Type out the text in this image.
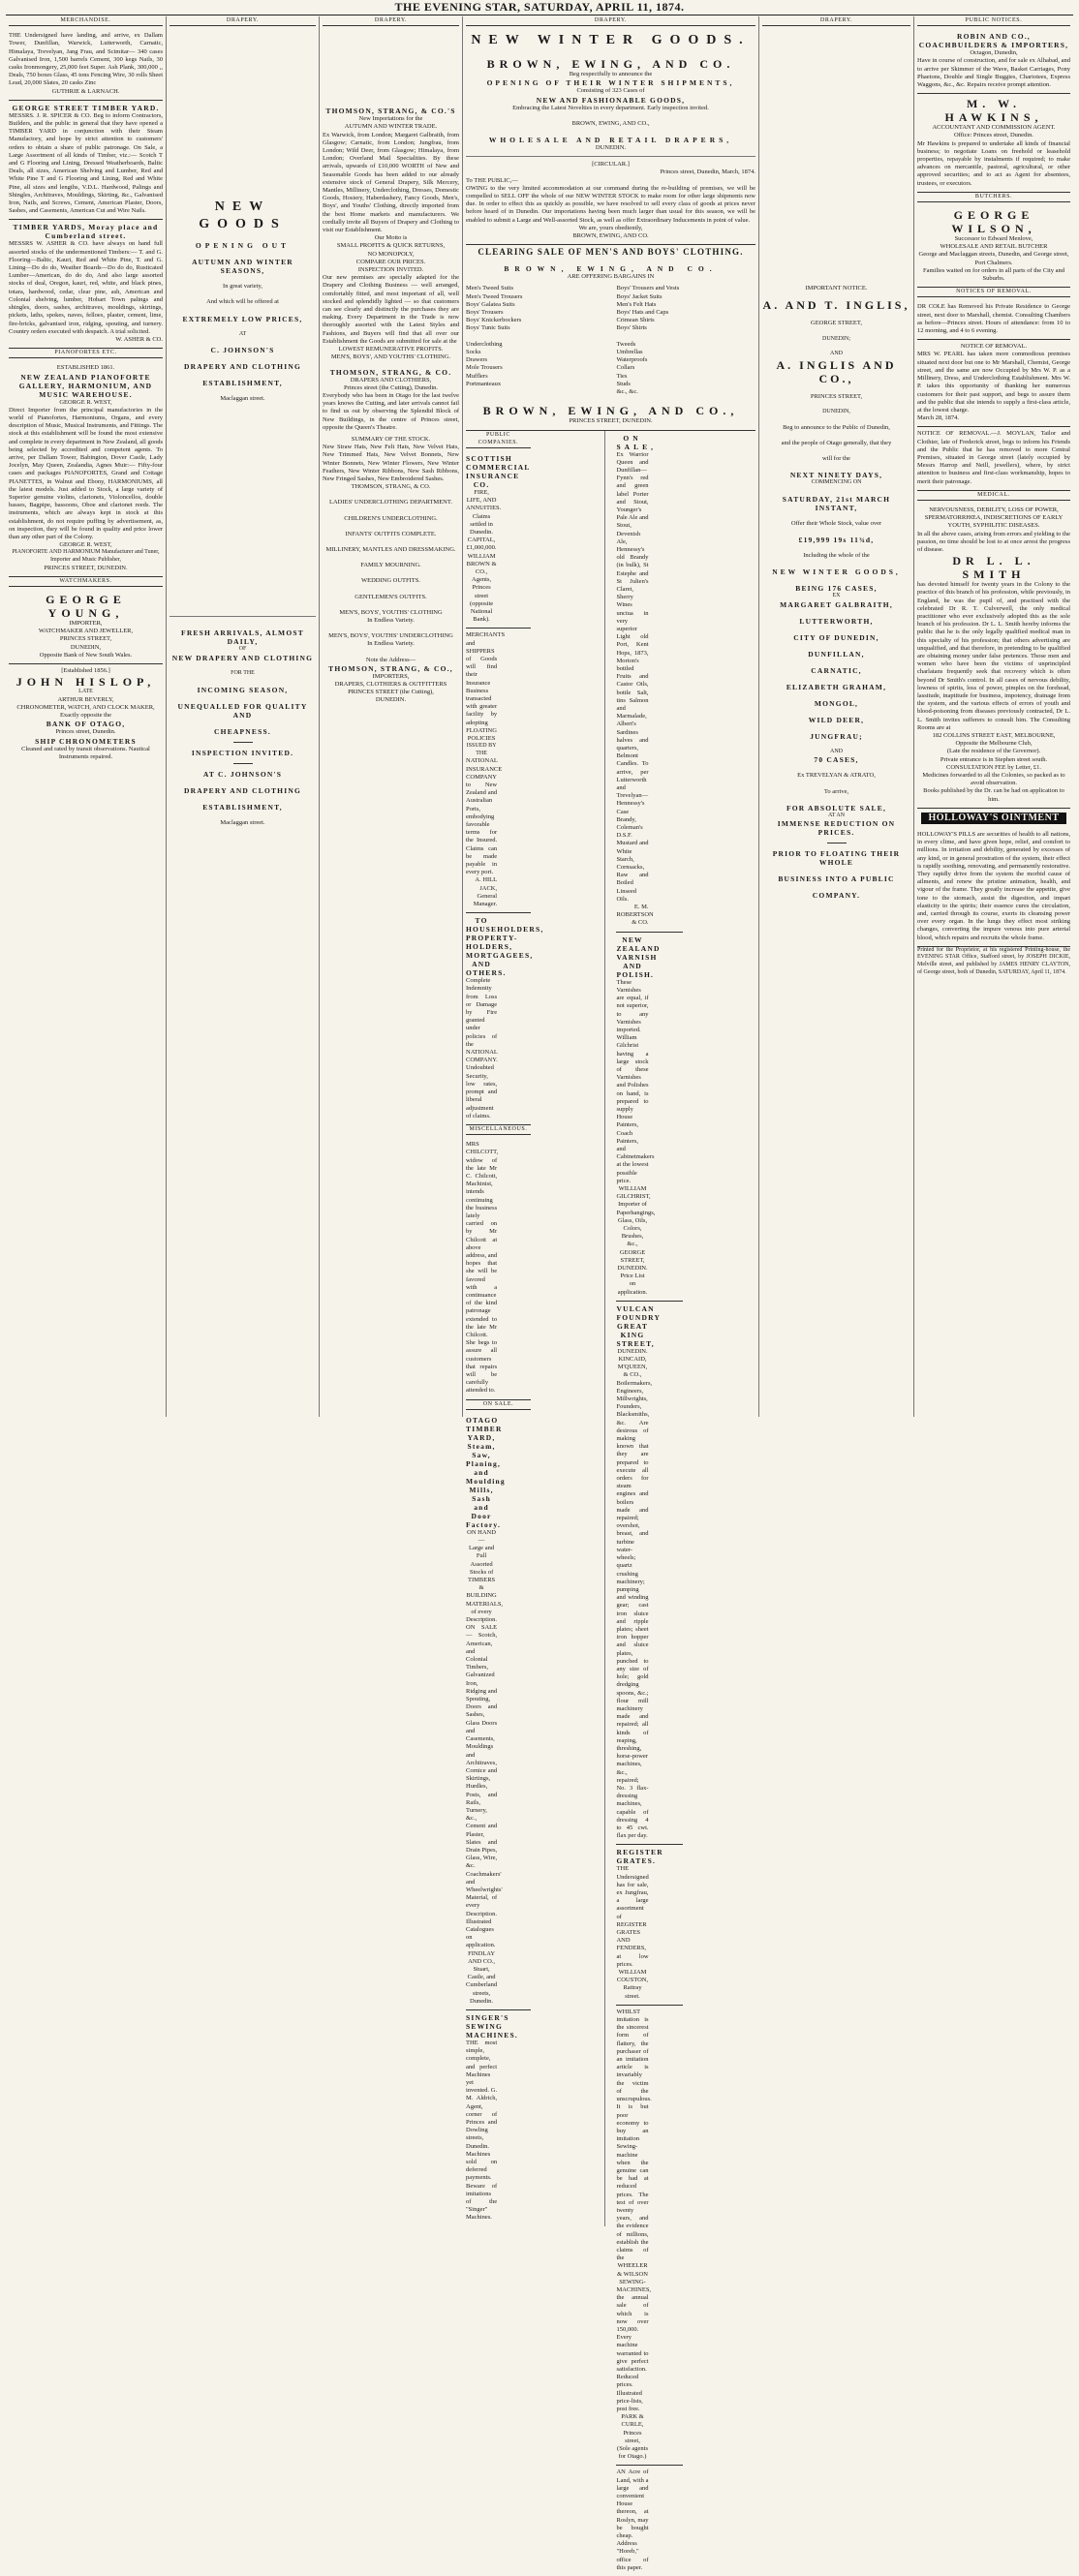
THE EVENING STAR, SATURDAY, APRIL 11, 1874.
MERCHANDISE.
THE Undersigned have landing, and arrive, ex Dallam Tower, Dunfillan, Warwick, Lutterworth, Carnatic, Himalaya, Trevelyan, Jang Frau, and Scimitar— 340 cases Galvanised Iron, 1,500 barrels Cement, 300 kegs Nails, 30 casks Ironmongery, 25,000 feet Super. Ash Plank, 300,000 ,, Deals, 750 boxes Glass, 45 tons Fencing Wire, 30 rolls Sheet Lead, 20,000 Slates, 20 casks Zinc
GUTHRIE & LARNACH.
GEORGE STREET TIMBER YARD.
MESSRS. J. R. SPICER & CO. Beg to inform Contractors, Builders, and the public in general that they have opened a TIMBER YARD in conjunction with their Steam Manufactory, and hope by strict attention to customers' orders to obtain a share of public patronage. On Sale, a Large Assortment of all kinds of Timber, viz.:— Scotch T and G Flooring and Lining, Dressed Weatherboards, Baltic Deals, all sizes, American Shelving and Lumber, Red and White Pine T and G Flooring and Lining, Red and White Pine, all sizes and lengths, V.D.L. Hardwood, Palings and Shingles, Architraves, Mouldings, Skirting, &c., Galvanised Iron, Nails, and Screws, Cement, American Plaster, Doors, Sashes, and Casements, American Cut and Wire Nails.
TIMBER YARDS, Moray place and Cumberland street.
MESSRS W. ASHER & CO. have always on hand full assorted stocks of the undermentioned Timbers:— T. and G. Flooring—Baltic, Kauri, Red and White Pine, T. and G. Lining—Do do do, Weather Boards—Do do do, Rusticated Lumber—American, do do do, And also large assorted stocks of deal, Oregon, kauri, red, white, and black pines, totara, hardwood, cedar, clear pine, ash, American and Colonial shelving, lumber, Hobart Town palings and shingles, doors, sashes, architraves, mouldings, skirtings, pickets, laths, spokes, naves, felloes, plaster, cement, lime, fire-bricks, galvanised iron, ridging, spouting, and turnery. Country orders executed with despatch. A trial solicited.
W. ASHER & CO.
PIANOFORTES ETC.
ESTABLISHED 1861.
NEW ZEALAND PIANOFORTE GALLERY, HARMONIUM, AND MUSIC WAREHOUSE.
GEORGE R. WEST,
Direct Importer from the principal manufactories in the world of Pianofortes, Harmoniums, Organs, and every description of Music, Musical Instruments, and Fittings. The stock at this establishment will be found the most extensive and complete in every department in New Zealand, all goods being selected by accredited and competent agents. To arrive, per Dallam Tower, Babington, Dover Castle, Lady Jocelyn, May Queen, Zealandia, Agnes Muir:— Fifty-four cases and packages PIANOFORTES, Grand and Cottage PIANETTES, in Walnut and Ebony, HARMONIUMS, all the latest models. Just added to Stock, a large variety of Superior genuine violins, clarionets, Violoncellos, double basses, Bagpipe, bassoons, Oboe and clarionet reeds. The instruments, which are always kept in stock at this establishment, do not require puffing by advertisement, as, on inspection, they will be found in quality and price lower than any other part of the Colony.
GEORGE R. WEST,
PIANOFORTE AND HARMONIUM Manufacturer and Tuner, Importer and Music Publisher,
PRINCES STREET, DUNEDIN.
WATCHMAKERS.
GEORGE YOUNG,
IMPORTER,
WATCHMAKER AND JEWELLER,
PRINCES STREET,
DUNEDIN,
Opposite Bank of New South Wales.
[Established 1856.]
JOHN HISLOP,
LATE
ARTHUR BEVERLY,
CHRONOMETER, WATCH, AND CLOCK MAKER,
Exactly opposite the
BANK OF OTAGO,
Princes street, Dunedin.
SHIP CHRONOMETERS
Cleaned and rated by transit observations. Nautical Instruments repaired.
DRAPERY.
NEW GOODS
OPENING OUT
AUTUMN AND WINTER SEASONS,
In great variety,
And which will be offered at
EXTREMELY LOW PRICES,
AT
C. JOHNSON'S
DRAPERY AND CLOTHING
ESTABLISHMENT,
Maclaggan street.
FRESH ARRIVALS, ALMOST DAILY,
OF
NEW DRAPERY AND CLOTHING
FOR THE
INCOMING SEASON,
UNEQUALLED FOR QUALITY AND
CHEAPNESS.
INSPECTION INVITED.
AT C. JOHNSON'S
DRAPERY AND CLOTHING
ESTABLISHMENT,
Maclaggan street.
DRAPERY.
THOMSON, STRANG, & CO.'S
New Importations for the
AUTUMN AND WINTER TRADE.
Ex Warwick, from London; Margaret Galbraith, from Glasgow; Carnatic, from London; Jungfrau, from London; Wild Deer, from Glasgow; Himalaya, from London; Overland Mail Specialities. By these arrivals, upwards of £10,000 WORTH of New and Seasonable Goods has been added to our already extensive stock of General Drapery, Silk Mercery, Mantles, Millinery, Underclothing, Dresses, Domestic Goods, Hosiery, Haberdashery, Fancy Goods, Men's, Boys', and Youths' Clothing, directly imported from the best Home markets and manufacturers. We cordially invite all Buyers of Drapery and Clothing to visit our Establishment.
Our Motto is
SMALL PROFITS & QUICK RETURNS,
NO MONOPOLY,
COMPARE OUR PRICES.
INSPECTION INVITED.
Our new premises are specially adapted for the Drapery and Clothing Business — well arranged, comfortably fitted, and most important of all, well stocked and splendidly lighted — so that customers can see clearly and distinctly the purchases they are making. Every Department in the Trade is now thoroughly assorted with the Latest Styles and Fashions, and Buyers will find that all over our Establishment the Goods are submitted for sale at the
LOWEST REMUNERATIVE PROFITS.
MEN'S, BOYS', AND YOUTHS' CLOTHING.
THOMSON, STRANG, & CO.
DRAPERS AND CLOTHIERS,
Princes street (the Cutting), Dunedin.
Everybody who has been in Otago for the last twelve years knows the Cutting, and later arrivals cannot fail to find us out by observing the Splendid Block of New Buildings, in the centre of Princes street, opposite the Queen's Theatre.
SUMMARY OF THE STOCK.
New Straw Hats, New Felt Hats, New Velvet Hats, New Trimmed Hats, New Velvet Bonnets, New Winter Bonnets, New Winter Flowers, New Winter Feathers, New Winter Ribbons, New Sash Ribbons, New Fringed Sashes, New Embroidered Sashes.
THOMSON, STRANG, & CO.
LADIES' UNDERCLOTHING DEPARTMENT.
CHILDREN'S UNDERCLOTHING.
INFANTS' OUTFITS COMPLETE.
MILLINERY, MANTLES AND DRESSMAKING.
FAMILY MOURNING.
WEDDING OUTFITS.
GENTLEMEN'S OUTFITS.
MEN'S, BOYS', YOUTHS' CLOTHING
In Endless Variety.
MEN'S, BOYS', YOUTHS' UNDERCLOTHING
In Endless Variety.
Note the Address—
THOMSON, STRANG, & CO.,
IMPORTERS,
DRAPERS, CLOTHIERS & OUTFITTERS
PRINCES STREET (the Cutting),
DUNEDIN.
DRAPERY.
NEW WINTER GOODS.
BROWN, EWING, AND CO.
Beg respectfully to announce the
OPENING OF THEIR WINTER SHIPMENTS,
Consisting of 323 Cases of
NEW AND FASHIONABLE GOODS,
Embracing the Latest Novelties in every department. Early inspection invited.
BROWN, EWING, AND CO.,
WHOLESALE AND RETAIL DRAPERS,
DUNEDIN.
[CIRCULAR.]
Princes street, Dunedin, March, 1874.
To THE PUBLIC,—
OWING to the very limited accommodation at our command during the re-building of premises, we will be compelled to SELL OFF the whole of our NEW WINTER STOCK to make room for other large shipments now due. In order to effect this as quickly as possible, we have resolved to sell every class of goods at prices never before heard of in Dunedin. Our importations having been much larger than usual for this season, we will be enabled to submit a Large and Well-assorted Stock, as well as offer Extraordinary Inducements in point of value.
We are, yours obediently,
BROWN, EWING, AND CO.
CLEARING SALE OF MEN'S AND BOYS' CLOTHING.
BROWN, EWING, AND CO.
ARE OFFERING BARGAINS IN
Men's Tweed Suits
Men's Tweed Trousers
Boys' Galatea Suits
Boys' Trousers
Boys' Knickerbockers
Boys' Tunic Suits

Underclothing
Socks
Drawers
Mole Trousers
Mufflers
Portmanteaux
Boys' Trousers and Vests
Boys' Jacket Suits
Men's Felt Hats
Boys' Hats and Caps
Crimean Shirts
Boys' Shirts

Tweeds
Umbrellas
Waterproofs
Collars
Ties
Studs
&c., &c.
BROWN, EWING, AND CO.,
PRINCES STREET, DUNEDIN.
PUBLIC COMPANIES.
SCOTTISH COMMERCIAL INSURANCE CO.
FIRE, LIFE, AND ANNUITIES.
Claims settled in Dunedin.
CAPITAL, £1,000,000.
WILLIAM BROWN & CO., Agents,
Princes street (opposite National Bank).
MERCHANTS and SHIPPERS of Goods will find their Insurance Business transacted with greater facility by adopting
FLOATING POLICIES
ISSUED BY THE
NATIONAL INSURANCE COMPANY
to New Zealand and Australian Ports, embodying favorable terms for the Insured. Claims can be made payable in every port.
A. HILL JACK,
General Manager.
TO HOUSEHOLDERS, PROPERTY-HOLDERS, MORTGAGEES, AND OTHERS.
Complete Indemnity from Loss or Damage by Fire granted under policies of the
NATIONAL COMPANY.
Undoubted Security, low rates, prompt and liberal adjustment of claims.
MISCELLANEOUS.
MRS CHILCOTT, widow of the late Mr C. Chilcott, Machinist, intends continuing the business lately carried on by Mr Chilcott at above address, and hopes that she will be favored with a continuance of the kind patronage extended to the late Mr Chilcott. She begs to assure all customers that repairs will be carefully attended to.
ON SALE.
OTAGO TIMBER YARD, Steam, Saw, Planing, and Moulding Mills, Sash and Door Factory.
ON HAND—
Large and Full Assorted Stocks of TIMBERS & BUILDING MATERIALS, of every Description.
ON SALE— Scotch, American, and Colonial Timbers, Galvanized Iron, Ridging and Spouting, Doors and Sashes, Glass Doors and Casements, Mouldings and Architraves, Cornice and Skirtings, Hurdles, Posts, and Rails, Turnery, &c., Cement and Plaster, Slates and Drain Pipes, Glass, Wire, &c. Coachmakers' and Wheelwrights' Material, of every Description. Illustrated Catalogues on application.
FINDLAY AND CO.,
Stuart, Castle, and Cumberland streets, Dunedin.
SINGER'S SEWING MACHINES.
THE most simple, complete, and perfect Machines yet invented. G. M. Aldrich, Agent, corner of Princes and Dowling streets, Dunedin. Machines sold on deferred payments. Beware of imitations of the "Singer" Machines.
ON SALE,
Ex Warrior Queen and Dunfillan— Fynn's red and green label Porter and Stout, Younger's Pale Ale and Stout, Devenish Ale, Hennessy's old Brandy (in bulk), St Estephe and St Julien's Claret, Sherry Wines unciua in very superior Light old Port, Kent Hops, 1873, Morton's bottled Fruits and Castor Oils, bottle Salt, tins Salmon and Marmalade, Albert's Sardines halves and quarters, Belmont Candles. To arrive, per Lutterworth and Trevelyan— Hennessy's Case Brandy, Coleman's D.S.F. Mustard and White Starch, Cornsacks, Raw and Boiled Linseed Oils.
E. M. ROBERTSON & CO.
NEW ZEALAND VARNISH AND POLISH.
These Varnishes are equal, if not superior, to any Varnishes imported. William Gilchrist having a large stock of these Varnishes and Polishes on hand, is prepared to supply House Painters, Coach Painters, and Cabinetmakers at the lowest possible price.
WILLIAM GILCHRIST,
Importer of Paperhangings, Glass, Oils, Colors, Brushes, &c.,
GEORGE STREET, DUNEDIN.
Price List on application.
VULCAN FOUNDRY GREAT KING STREET,
DUNEDIN.
KINCAID, M'QUEEN, & CO.,
Boilermakers, Engineers, Millwrights, Founders, Blacksmiths, &c. Are desirous of making known that they are prepared to execute all orders for steam engines and boilers made and repaired; overshot, breast, and turbine water-wheels; quartz crushing machinery; pumping and winding gear; cast iron sluice and ripple plates; sheet iron hopper and sluice plates, punched to any size of hole; gold dredging spoons, &c.; flour mill machinery made and repaired; all kinds of reaping, threshing, horse-power machines, &c., repaired; No. 3 flax-dressing machines, capable of dressing 4 to 45 cwt. flax per day.
REGISTER GRATES.
THE Undersigned has for sale, ex Jungfrau, a large assortment of REGISTER GRATES AND FENDERS, at low prices.
WILLIAM COUSTON,
Rattray street.
WHILST imitation is the sincerest form of flattery, the purchaser of an imitation article is invariably the victim of the unscrupulous. It is but poor economy to buy an imitation Sewing-machine when the genuine can be had at reduced prices. The test of over twenty years, and the evidence of millions, establish the claims of the
WHEELER & WILSON SEWING-MACHINES,
the annual sale of which is now over 150,000. Every machine warranted to give perfect satisfaction. Reduced prices. Illustrated price-lists, post free.
PARK & CURLE, Princes street,
(Sole agents for Otago.)
AN Acre of Land, with a large and convenient House thereon, at Roslyn, may be bought cheap. Address "Horeb," office of this paper.
DRAPERY.
IMPORTANT NOTICE.
A. AND T. INGLIS,
GEORGE STREET,
DUNEDIN;
AND
A. INGLIS AND CO.,
PRINCES STREET,
DUNEDIN,
Beg to announce to the Public of Dunedin,
and the people of Otago generally, that they
will for the
NEXT NINETY DAYS,
COMMENCING ON
SATURDAY, 21st MARCH INSTANT,
Offer their Whole Stock, value over
£19,999 19s 11¾d,
Including the whole of the
NEW WINTER GOODS,
BEING 176 CASES,
EX
MARGARET GALBRAITH,
LUTTERWORTH,
CITY OF DUNEDIN,
DUNFILLAN,
CARNATIC,
ELIZABETH GRAHAM,
MONGOL,
WILD DEER,
JUNGFRAU;
AND
70 CASES,
Ex TREVELYAN & ATRATO,
To arrive,
FOR ABSOLUTE SALE,
AT AN
IMMENSE REDUCTION ON PRICES.
PRIOR TO FLOATING THEIR WHOLE
BUSINESS INTO A PUBLIC
COMPANY.
PUBLIC NOTICES.
ROBIN AND CO., COACHBUILDERS & IMPORTERS,
Octagon, Dunedin,
Have in course of construction, and for sale ex Alhabad, and to arrive per Skimmer of the Wave, Basket Carriages, Pony Phaetons, Double and Single Buggies, Chariotees, Express Waggons, &c., &c. Repairs receive prompt attention.
M. W. HAWKINS,
ACCOUNTANT AND COMMISSION AGENT.
Office: Princes street, Dunedin.
Mr Hawkins is prepared to undertake all kinds of financial business; to negotiate Loans on freehold or leasehold properties, repayable by instalments if required; to make advances on mercantile, pastoral, agricultural, or other approved securities; and to act as Agent for absentees, trustees, or executors.
BUTCHERS.
GEORGE WILSON,
Successor to Edward Menlove,
WHOLESALE AND RETAIL BUTCHER
George and Maclaggan streets, Dunedin, and George street, Port Chalmers.
Families waited on for orders in all parts of the City and Suburbs.
NOTICES OF REMOVAL.
DR COLE has Removed his Private Residence to George street, next door to Marshall, chemist. Consulting Chambers as before—Princes street. Hours of attendance: from 10 to 12 morning, and 4 to 6 evening.
NOTICE OF REMOVAL.
MRS W. PEARL has taken more commodious premises situated next door but one to Mr Marshall, Chemist, George street, and the same are now Occupied by Mrs W. P. as a Millinery, Dress, and Underclothing Establishment. Mrs W. P. takes this opportunity of thanking her numerous customers for their past support, and begs to assure them and the public that she intends to supply a first-class article, at the lowest charge.
March 28, 1874.
NOTICE OF REMOVAL.—J. MOYLAN, Tailor and Clothier, late of Frederick street, begs to inform his Friends and the Public that he has removed to more Central Premises, situated in George street (lately occupied by Messrs Harrop and Neill, jewellers), where, by strict attention to business and first-class workmanship, hopes to merit their patronage.
MEDICAL.
NERVOUSNESS, DEBILITY, LOSS OF POWER, SPERMATORRHŒA, INDISCRETIONS OF EARLY YOUTH, SYPHILITIC DISEASES.
In all the above cases, arising from errors and yielding to the passion, no time should be lost to at once arrest the progress of disease.
DR L. L. SMITH
has devoted himself for twenty years in the Colony to the practice of this branch of his profession, while previously, in England, he was the pupil of, and practised with the celebrated Dr R. T. Culverwell, the only medical practitioner who ever exclusively adopted this as the sole branch of his profession. Dr L. L. Smith hereby informs the public that he is the only legally qualified medical man in this specialty of his profession; that others advertising are unqualified, and that therefore, in pretending to be qualified are obtaining money under false pretences. Those men and women who have been the victims of unprincipled charlatans frequently seek that recovery which is often beyond Dr Smith's control. In all cases of nervous debility, lowness of spirits, loss of power, pimples on the forehead, lassitude, inaptitude for business, impotency, drainage from the system, and the various effects of errors of youth and blood-poisoning from diseases previously contracted, Dr L. L. Smith invites sufferers to consult him. The Consulting Rooms are at
182 COLLINS STREET EAST, MELBOURNE,
Opposite the Melbourne Club,
(Late the residence of the Governor).
Private entrance is in Stephen street south.
CONSULTATION FEE by Letter, £1.
Medicines forwarded to all the Colonies, so packed as to avoid observation.
Books published by the Dr. can be had on application to him.
HOLLOWAY'S OINTMENT
HOLLOWAY'S PILLS are securities of health to all nations, in every clime, and have given hope, relief, and comfort to millions. In irritation and debility, generated by excesses of any kind, or in general prostration of the system, their effect is rapidly soothing, renovating, and permanently restorative. They rapidly drive from the system the morbid cause of ailments, and renew the pristine animation, health, and vigour of the frame. They greatly increase the appetite, give tone to the stomach, assist the digestion, and impart elasticity to the spirits; their essence cures the circulation, and, carried through its course, exerts its cleansing power over every organ. In the lungs they effect most striking changes, converting the impure venous into pure arterial blood, which repairs and recruits the whole frame.
Printed for the Proprietor, at his registered Printing-house, the EVENING STAR Office, Stafford street, by JOSEPH DICKIE, Melville street, and published by JAMES HENRY CLAYTON, of George street, both of Dunedin, SATURDAY, April 11, 1874.
